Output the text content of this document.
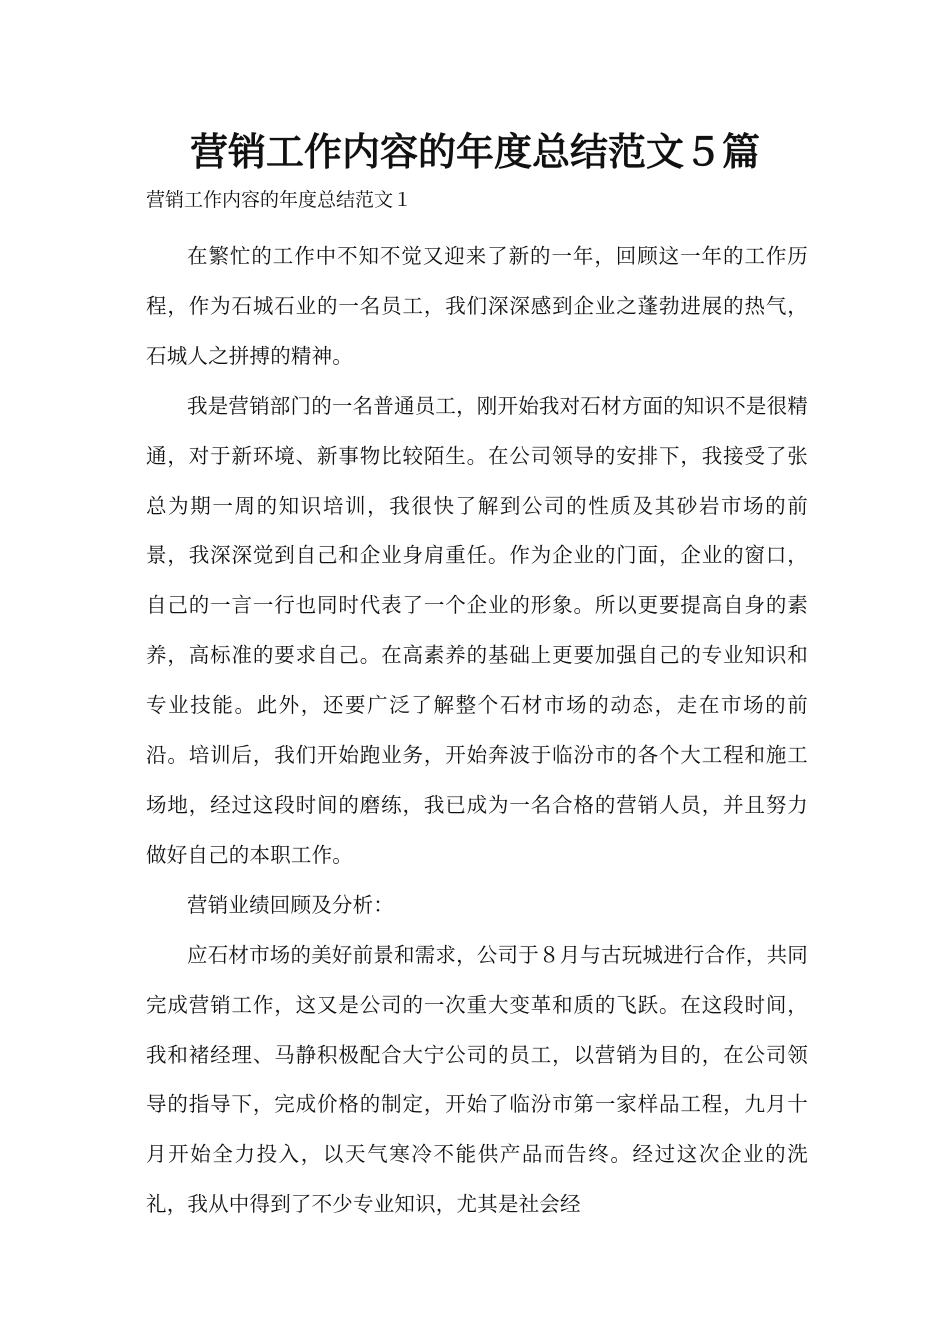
营销工作内容的年度总结范文５篇

营销工作内容的年度总结范文１

在繁忙的工作中不知不觉又迎来了新的一年，回顾这一年的工作历程，作为石城石业的一名员工，我们深深感到企业之蓬勃进展的热气，石城人之拼搏的精神。

我是营销部门的一名普通员工，刚开始我对石材方面的知识不是很精通，对于新环境、新事物比较陌生。在公司领导的安排下，我接受了张总为期一周的知识培训，我很快了解到公司的性质及其砂岩市场的前景，我深深觉到自己和企业身肩重任。作为企业的门面，企业的窗口，自己的一言一行也同时代表了一个企业的形象。所以更要提高自身的素养，高标准的要求自己。在高素养的基础上更要加强自己的专业知识和专业技能。此外，还要广泛了解整个石材市场的动态，走在市场的前沿。培训后，我们开始跑业务，开始奔波于临汾市的各个大工程和施工场地，经过这段时间的磨练，我已成为一名合格的营销人员，并且努力做好自己的本职工作。

营销业绩回顾及分析：

应石材市场的美好前景和需求，公司于８月与古玩城进行合作，共同完成营销工作，这又是公司的一次重大变革和质的飞跃。在这段时间，我和褚经理、马静积极配合大宁公司的员工，以营销为目的，在公司领导的指导下，完成价格的制定，开始了临汾市第一家样品工程，九月十月开始全力投入，以天气寒冷不能供产品而告终。经过这次企业的洗礼，我从中得到了不少专业知识，尤其是社会经
